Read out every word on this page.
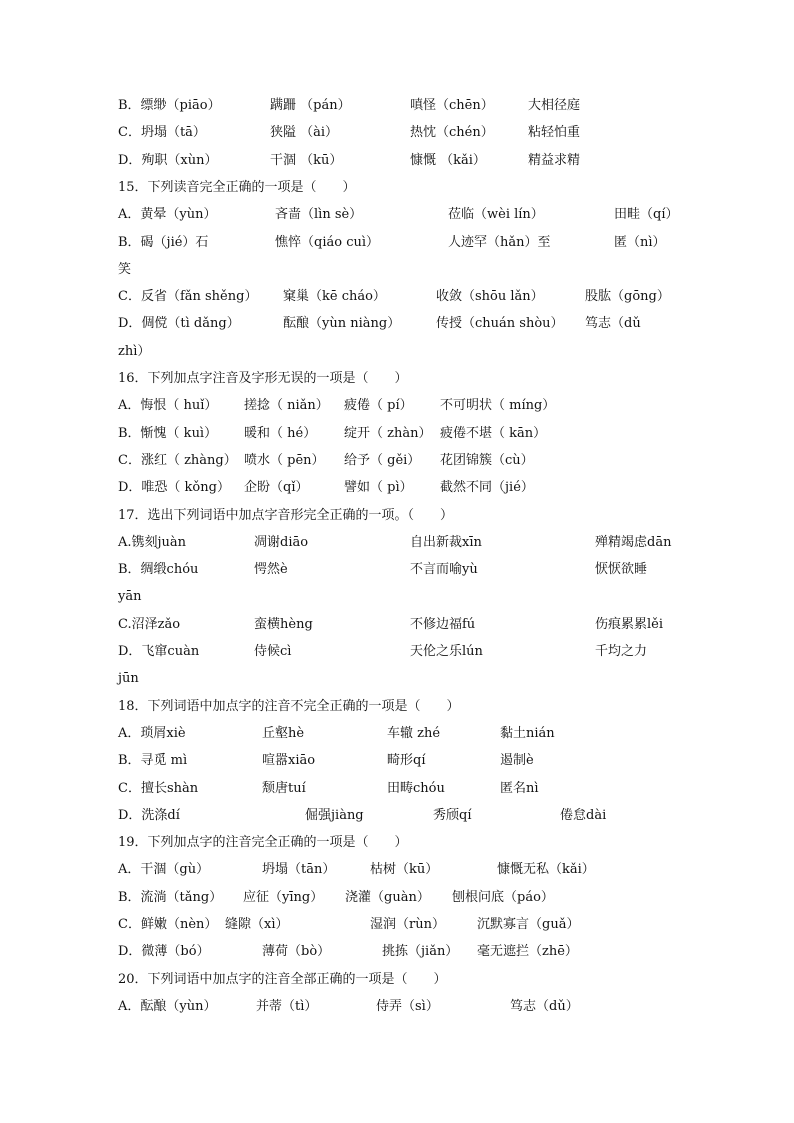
B．缥缈（piāo）	蹒跚 （pán）	嗔怪（chēn）	大相径庭
C．坍塌（tā）	狭隘 （ài）	热忱（chén）	粘轻怕重
D．殉职（xùn）	干涸 （kū）	慷慨 （kǎi）	精益求精
15．下列读音完全正确的一项是（　　）
A．黄晕（yùn）	吝啬（lìn sè）	莅临（wèi lín）	田畦（qí）
B．碣（jié）石	憔悴（qiáo cuì）	人迹罕（hǎn）至	匿（nì）
笑
C．反省（fǎn shěng） 窠巢（kē cháo）	收敛（shōu lǎn）	股肱（gōng）
D．倜傥（tì dǎng）	酝酿（yùn niàng）	传授（chuán shòu） 笃志（dǔ
zhì）
16．下列加点字注音及字形无误的一项是（　　）
A．悔恨（ huǐ） 搓捻（ niǎn） 疲倦（ pí） 不可明状（ míng）
B．惭愧（ kuì） 暖和（ hé） 绽开（ zhàn） 疲倦不堪（ kān）
C．涨红（ zhàng） 喷水（ pēn） 给予（ gěi） 花团锦簇（cù）
D．唯恐（ kǒng） 企盼（qǐ）	譬如（ pì） 截然不同（jié）
17．选出下列词语中加点字音形完全正确的一项。（　　）
A.镌刻juàn	凋谢diāo	自出新裁xīn	殚精竭虑dān
B．绸缎chóu	愕然è	不言而喻yù	恹恹欲睡
yān
C.沼泽zǎo	蛮横hèng	不修边福fú	伤痕累累lěi
D．飞窜cuàn	侍候cì	天伦之乐lún	千均之力
jūn
18．下列词语中加点字的注音不完全正确的一项是（　　）
A．琐屑xiè	丘壑hè	车辙 zhé	黏土nián
B．寻觅 mì	喧嚣xiāo	畸形qí	遏制è
C．擅长shàn	颓唐tuí	田畴chóu	匿名nì
D．洗涤dí	倔强jiàng	秀颀qí	倦怠dài
19．下列加点字的注音完全正确的一项是（　　）
A．干涸（gù）	坍塌（tān）	枯树（kū）	慷慨无私（kǎi）
B．流淌（tǎng） 应征（yīng） 浇灌（guàn） 刨根问底（páo）
C．鲜嫩（nèn） 缝隙（xì）	湿润（rùn） 沉默寡言（guǎ）
D．微薄（bó）	薄荷（bò）	挑拣（jiǎn） 毫无遮拦（zhē）
20．下列词语中加点字的注音全部正确的一项是（　　）
A．酝酿（yùn）	并蒂（tì）	侍弄（sì）	笃志（dǔ）
